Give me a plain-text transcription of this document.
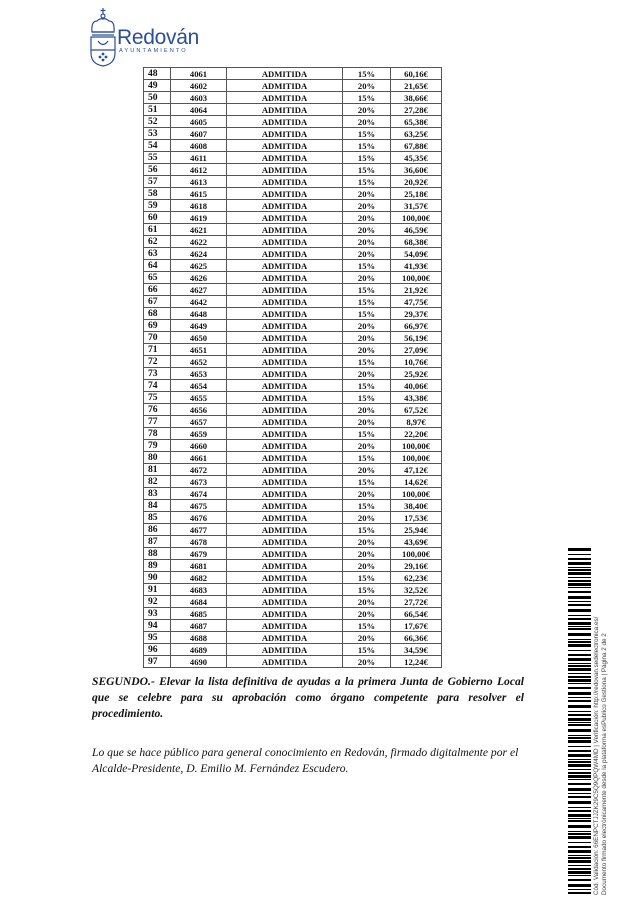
Redován
AYUNTAMIENTO
48	4061	ADMITIDA	15%	60,16€
49	4602	ADMITIDA	20%	21,65€
50	4603	ADMITIDA	15%	38,66€
51	4064	ADMITIDA	20%	27,28€
52	4605	ADMITIDA	20%	65,38€
53	4607	ADMITIDA	15%	63,25€
54	4608	ADMITIDA	15%	67,88€
55	4611	ADMITIDA	15%	45,35€
56	4612	ADMITIDA	15%	36,60€
57	4613	ADMITIDA	15%	20,92€
58	4615	ADMITIDA	20%	25,18€
59	4618	ADMITIDA	20%	31,57€
60	4619	ADMITIDA	20%	100,00€
61	4621	ADMITIDA	20%	46,59€
62	4622	ADMITIDA	20%	68,38€
63	4624	ADMITIDA	20%	54,09€
64	4625	ADMITIDA	15%	41,93€
65	4626	ADMITIDA	20%	100,00€
66	4627	ADMITIDA	15%	21,92€
67	4642	ADMITIDA	15%	47,75€
68	4648	ADMITIDA	15%	29,37€
69	4649	ADMITIDA	20%	66,97€
70	4650	ADMITIDA	20%	56,19€
71	4651	ADMITIDA	20%	27,09€
72	4652	ADMITIDA	15%	10,76€
73	4653	ADMITIDA	20%	25,92€
74	4654	ADMITIDA	15%	40,06€
75	4655	ADMITIDA	15%	43,38€
76	4656	ADMITIDA	20%	67,52€
77	4657	ADMITIDA	20%	8,97€
78	4659	ADMITIDA	15%	22,20€
79	4660	ADMITIDA	20%	100,00€
80	4661	ADMITIDA	15%	100,00€
81	4672	ADMITIDA	20%	47,12€
82	4673	ADMITIDA	15%	14,62€
83	4674	ADMITIDA	20%	100,00€
84	4675	ADMITIDA	15%	38,40€
85	4676	ADMITIDA	20%	17,53€
86	4677	ADMITIDA	15%	25,94€
87	4678	ADMITIDA	20%	43,69€
88	4679	ADMITIDA	20%	100,00€
89	4681	ADMITIDA	20%	29,16€
90	4682	ADMITIDA	15%	62,23€
91	4683	ADMITIDA	15%	32,52€
92	4684	ADMITIDA	20%	27,72€
93	4685	ADMITIDA	20%	66,54€
94	4687	ADMITIDA	15%	17,67€
95	4688	ADMITIDA	20%	66,36€
96	4689	ADMITIDA	15%	34,59€
97	4690	ADMITIDA	20%	12,24€
SEGUNDO.- Elevar la lista definitiva de ayudas a la primera Junta de Gobierno Local que se celebre para su aprobación como órgano competente para resolver el procedimiento.
Lo que se hace público para general conocimiento en Redován, firmado digitalmente por el Alcalde-Presidente, D. Emilio M. Fernández Escudero.	Cód. Validación: 66ENPCTJJZK29C5Q9QPQW4MD | Verificación: http://redovan.sedelectronica.es/ Documento firmado electrónicamente desde la plataforma esPublico Gestiona | Página 2 de 2
